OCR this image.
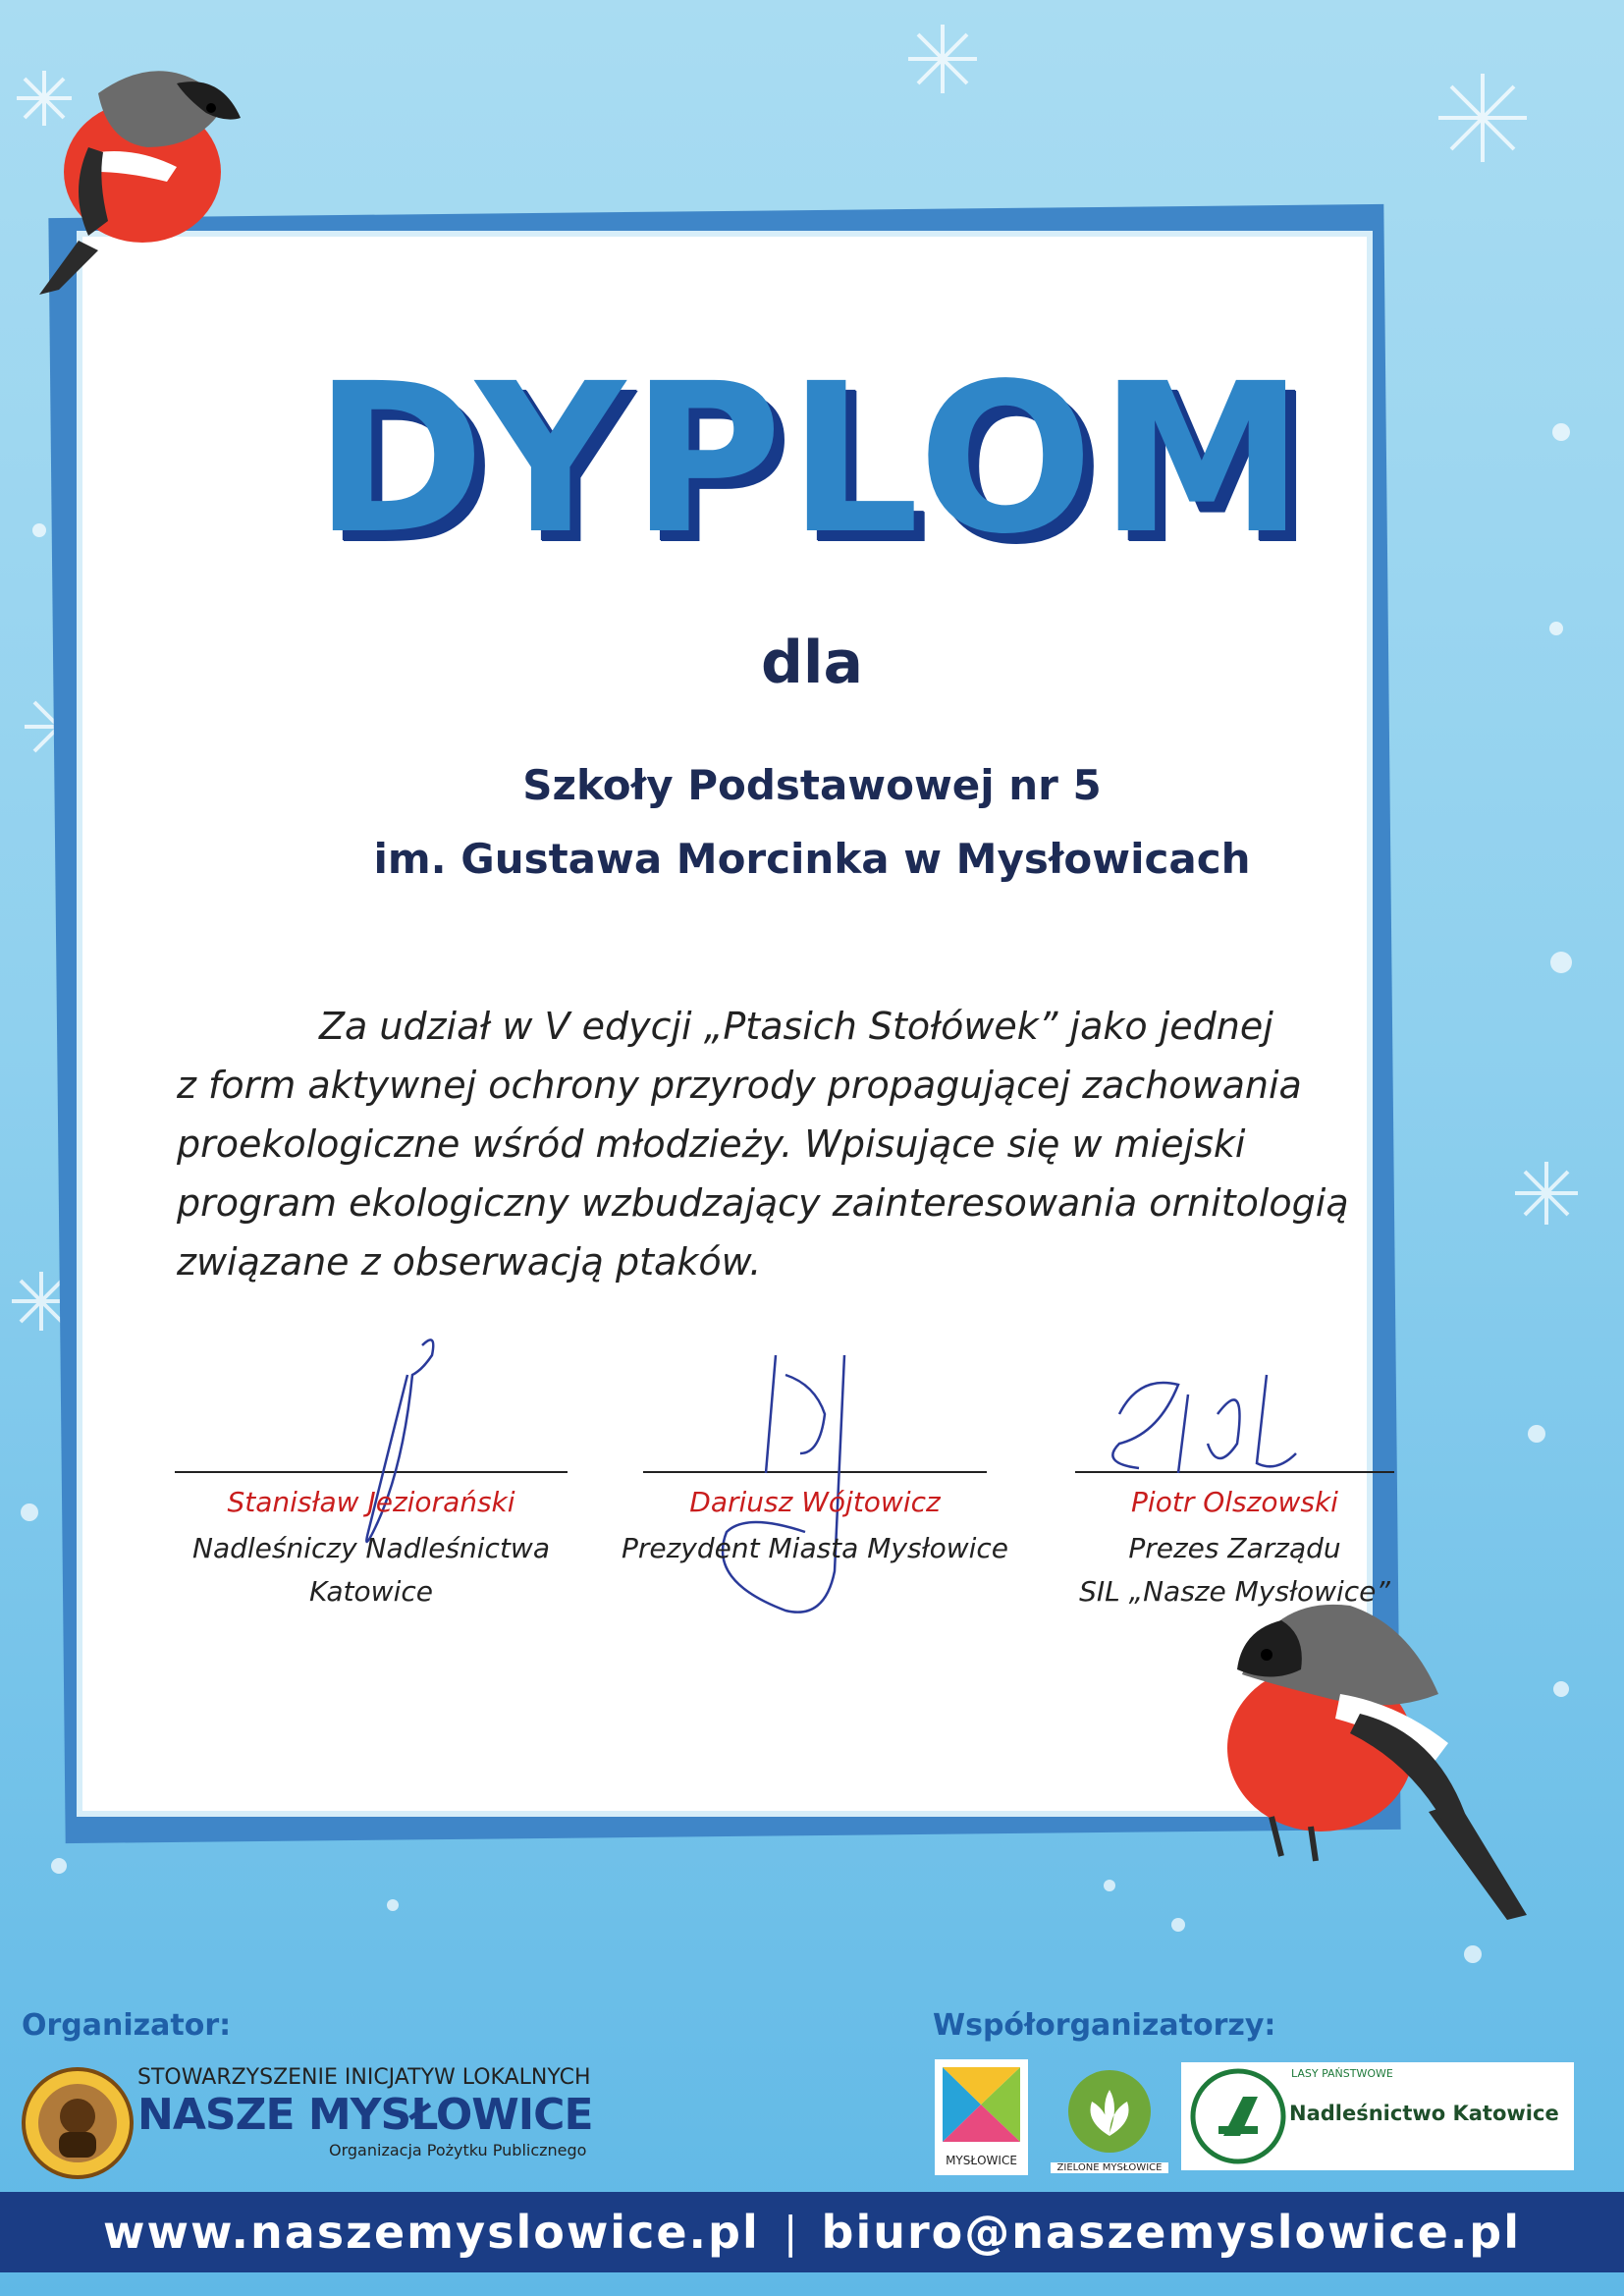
DYPLOM
dla
Szkoły Podstawowej nr 5
im. Gustawa Morcinka w Mysłowicach
Za udział w V edycji „Ptasich Stołówek” jako jednej
z form aktywnej ochrony przyrody propagującej zachowania
proekologiczne wśród młodzieży. Wpisujące się w miejski
program ekologiczny wzbudzający zainteresowania ornitologią
związane z obserwacją ptaków.
Stanisław Jeziorański
Nadleśniczy Nadleśnictwa
Katowice
Dariusz Wójtowicz
Prezydent Miasta Mysłowice
Piotr Olszowski
Prezes Zarządu
SIL „Nasze Mysłowice”
Organizator:	Współorganizatorzy:
STOWARZYSZENIE INICJATYW LOKALNYCH
NASZE MYSŁOWICE
Organizacja Pożytku Publicznego
MYSŁOWICE
ZIELONE MYSŁOWICE
LASY PAŃSTWOWE
Nadleśnictwo Katowice
www.naszemyslowice.pl | biuro@naszemyslowice.pl
